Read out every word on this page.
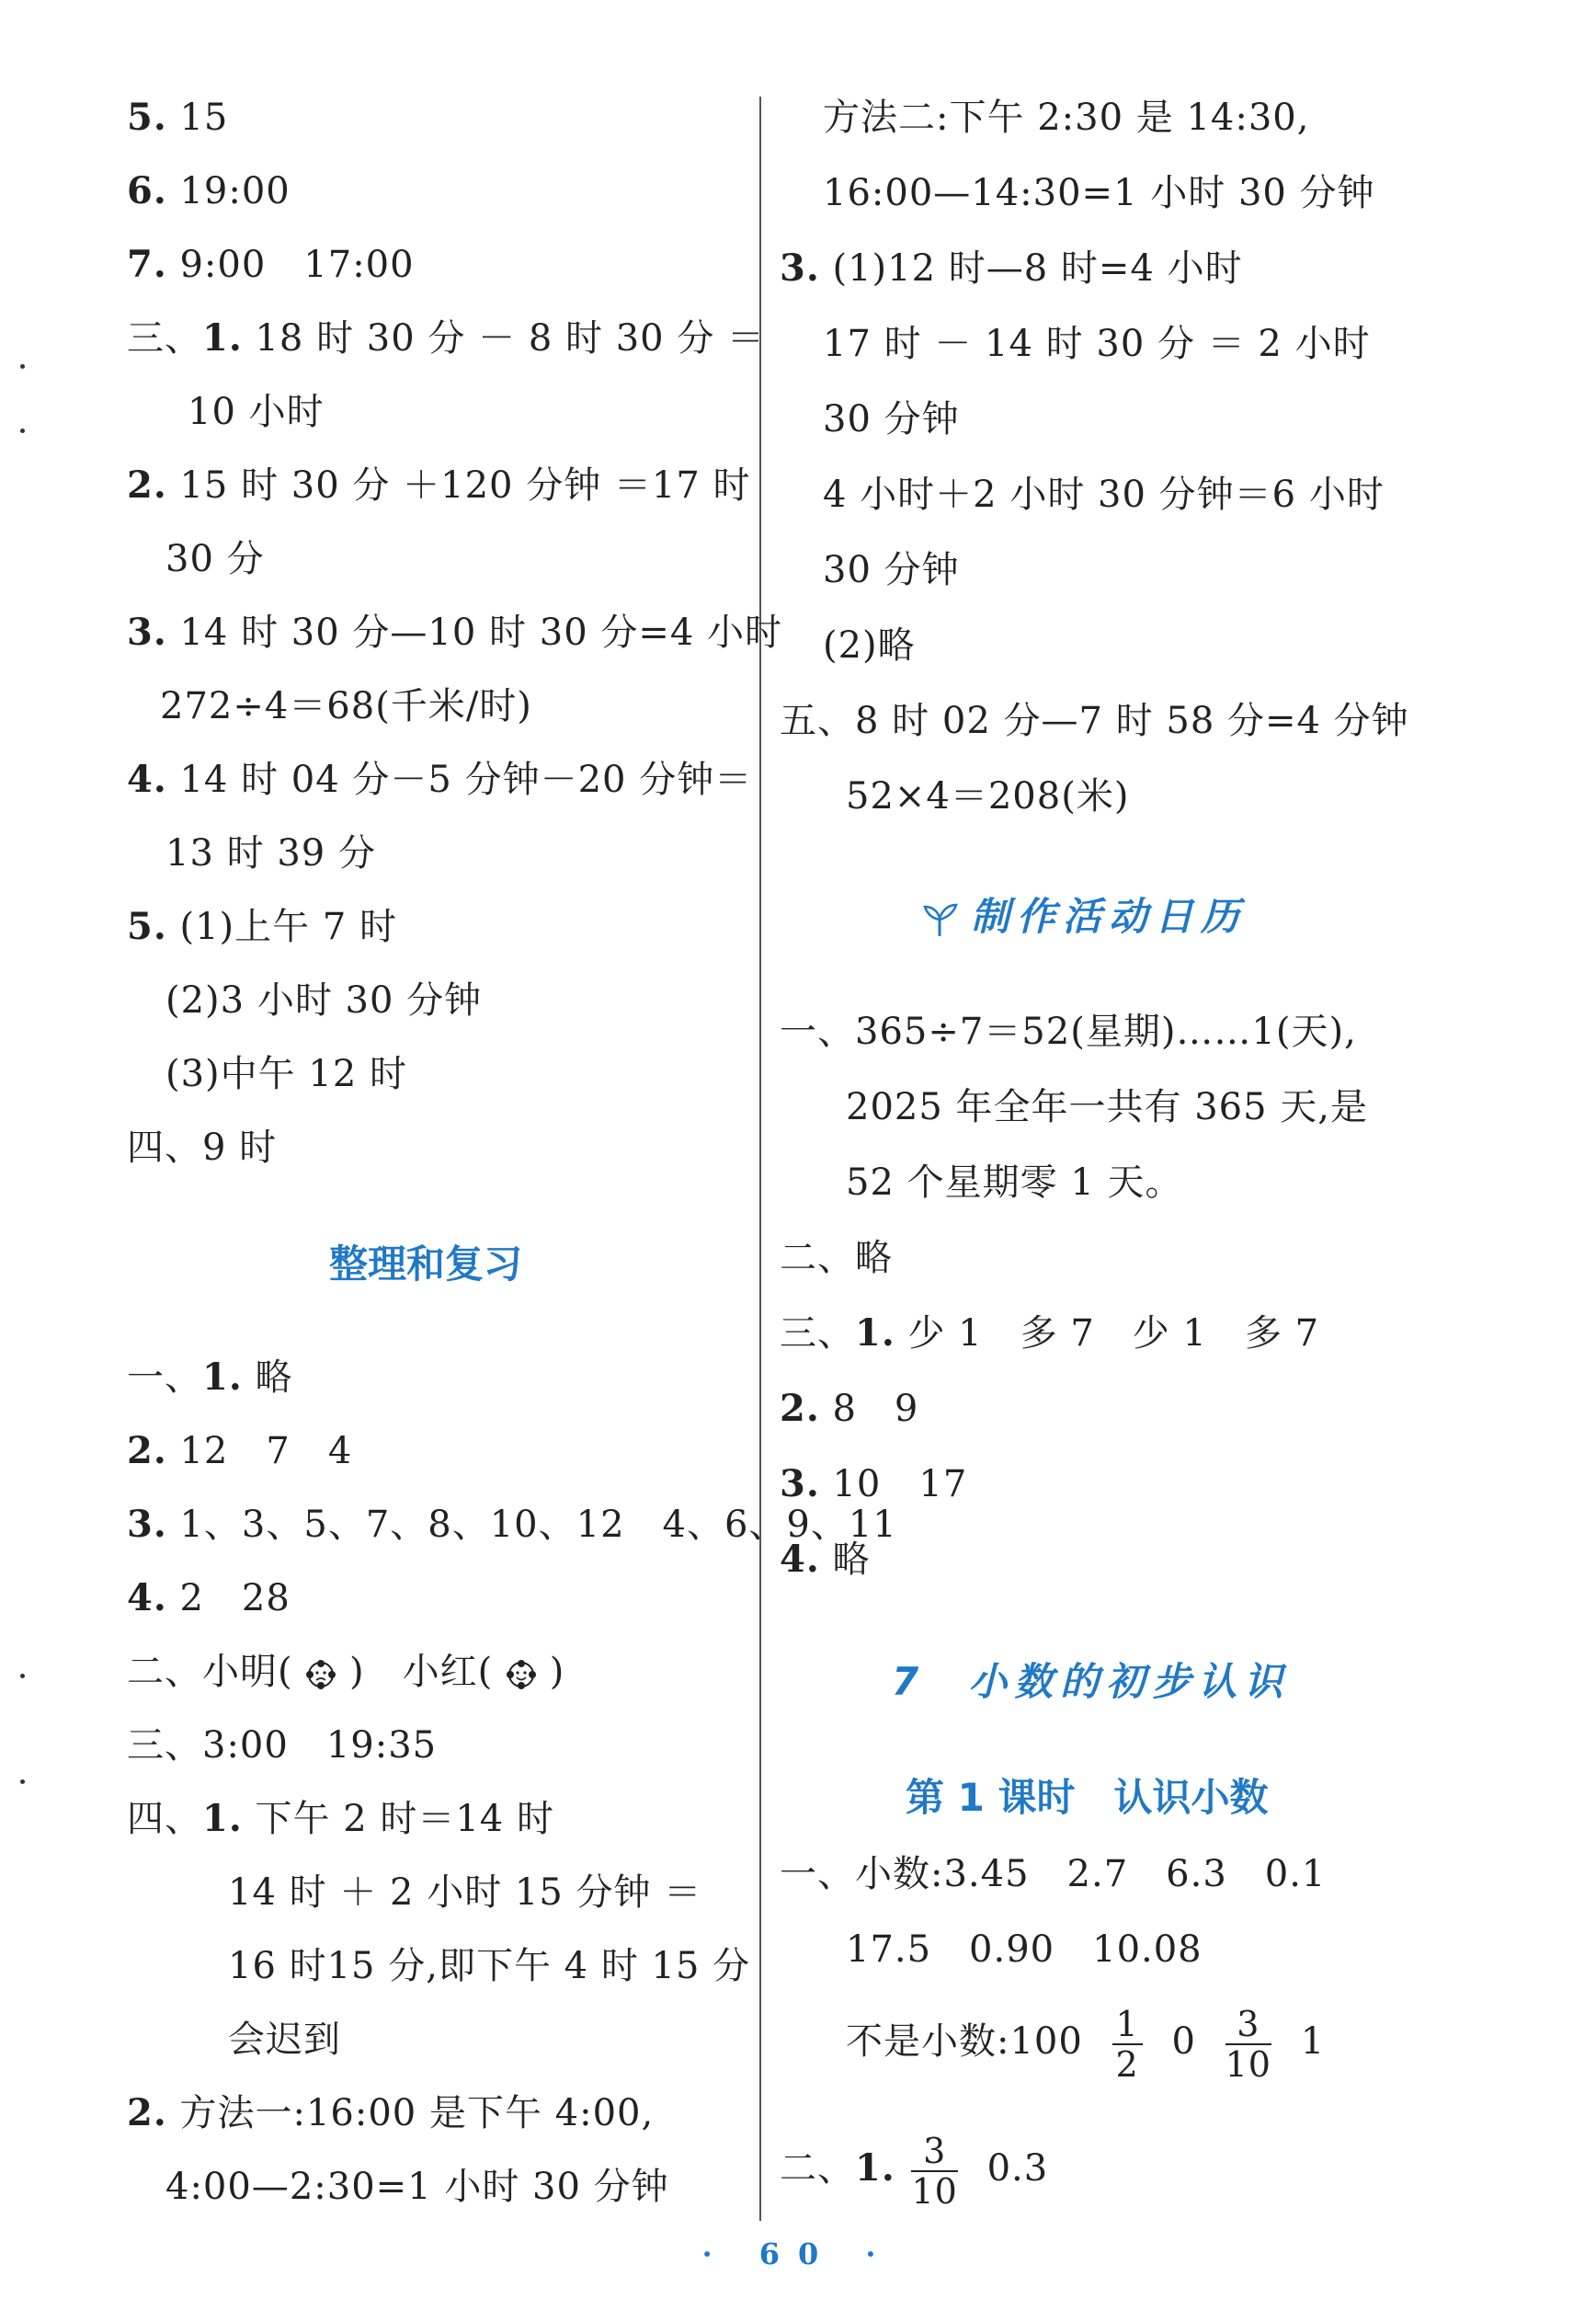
5. 15
6. 19:00
7. 9:00　17:00
三、1. 18 时 30 分 － 8 时 30 分 ＝
10 小时
2. 15 时 30 分 ＋120 分钟 ＝17 时
30 分
3. 14 时 30 分—10 时 30 分=4 小时
272÷4＝68(千米/时)
4. 14 时 04 分－5 分钟－20 分钟＝
13 时 39 分
5. (1)上午 7 时
(2)3 小时 30 分钟
(3)中午 12 时
四、9 时
整理和复习
一、1. 略
2. 12　7　4
3. 1、3、5、7、8、10、12　4、6、9、11
4. 2　28
二、小明( )　小红( )
三、3:00　19:35
四、1. 下午 2 时＝14 时
14 时 ＋ 2 小时 15 分钟 ＝
16 时15 分,即下午 4 时 15 分
会迟到
2. 方法一:16:00 是下午 4:00,
4:00—2:30=1 小时 30 分钟
方法二:下午 2:30 是 14:30,
16:00—14:30=1 小时 30 分钟
3. (1)12 时—8 时=4 小时
17 时 － 14 时 30 分 ＝ 2 小时
30 分钟
4 小时＋2 小时 30 分钟＝6 小时
30 分钟
(2)略
五、8 时 02 分—7 时 58 分=4 分钟
52×4＝208(米)
制作活动日历
一、365÷7＝52(星期)……1(天),
2025 年全年一共有 365 天,是
52 个星期零 1 天。
二、略
三、1. 少 1　多 7　少 1　多 7
2. 8　9
3. 10　17
4. 略
7 小数的初步认识
第 1 课时　认识小数
一、小数:3.45　2.7　6.3　0.1
17.5　0.90　10.08
不是小数:100 $\frac{1}{2} 0 \frac{3}{10} 1$
二、1. $\frac{3}{10} 0.3$
· 60 ·
